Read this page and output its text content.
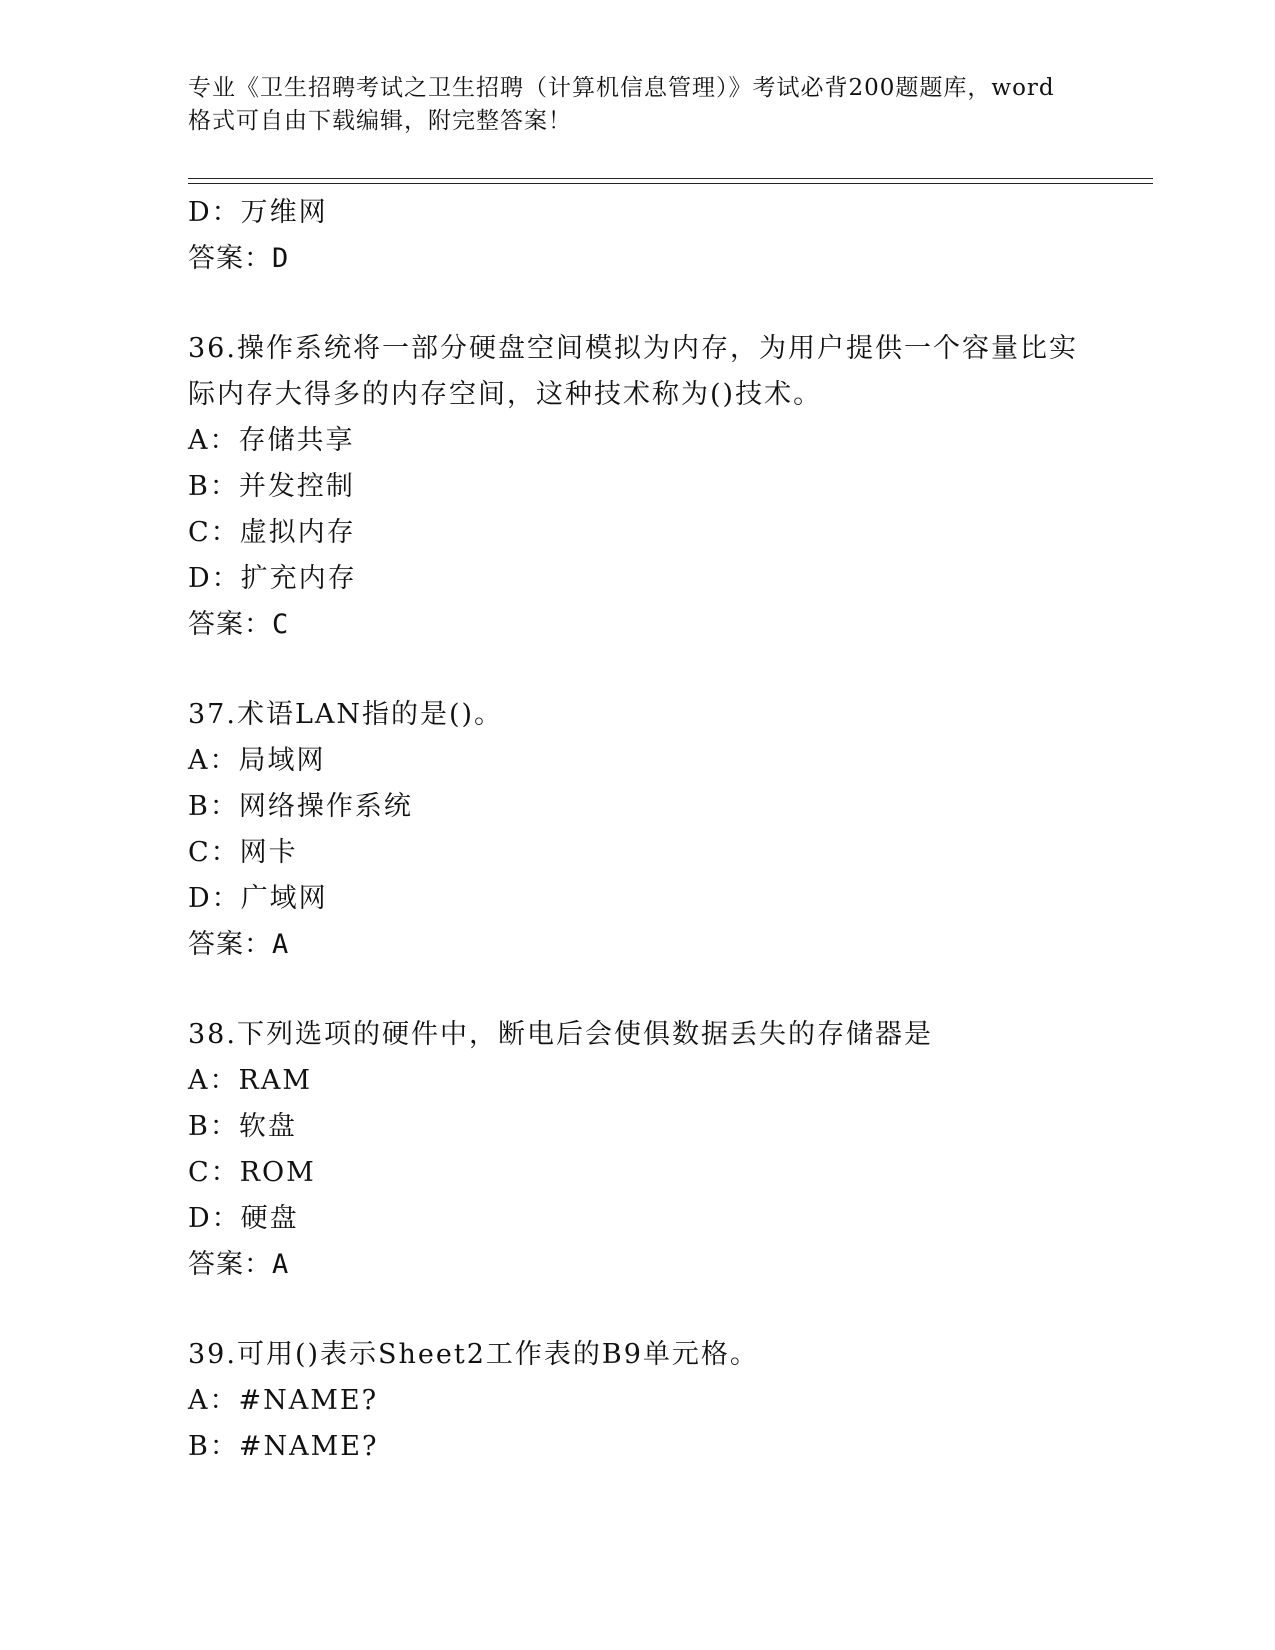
专业《卫生招聘考试之卫生招聘（计算机信息管理）》考试必背200题题库，word
格式可自由下载编辑，附完整答案！
D：万维网
答案：D
36.操作系统将一部分硬盘空间模拟为内存，为用户提供一个容量比实
际内存大得多的内存空间，这种技术称为()技术。
A：存储共享
B：并发控制
C：虚拟内存
D：扩充内存
答案：C
37.术语LAN指的是()。
A：局域网
B：网络操作系统
C：网卡
D：广域网
答案：A
38.下列选项的硬件中，断电后会使俱数据丢失的存储器是
A：RAM
B：软盘
C：ROM
D：硬盘
答案：A
39.可用()表示Sheet2工作表的B9单元格。
A：#NAME?
B：#NAME?
